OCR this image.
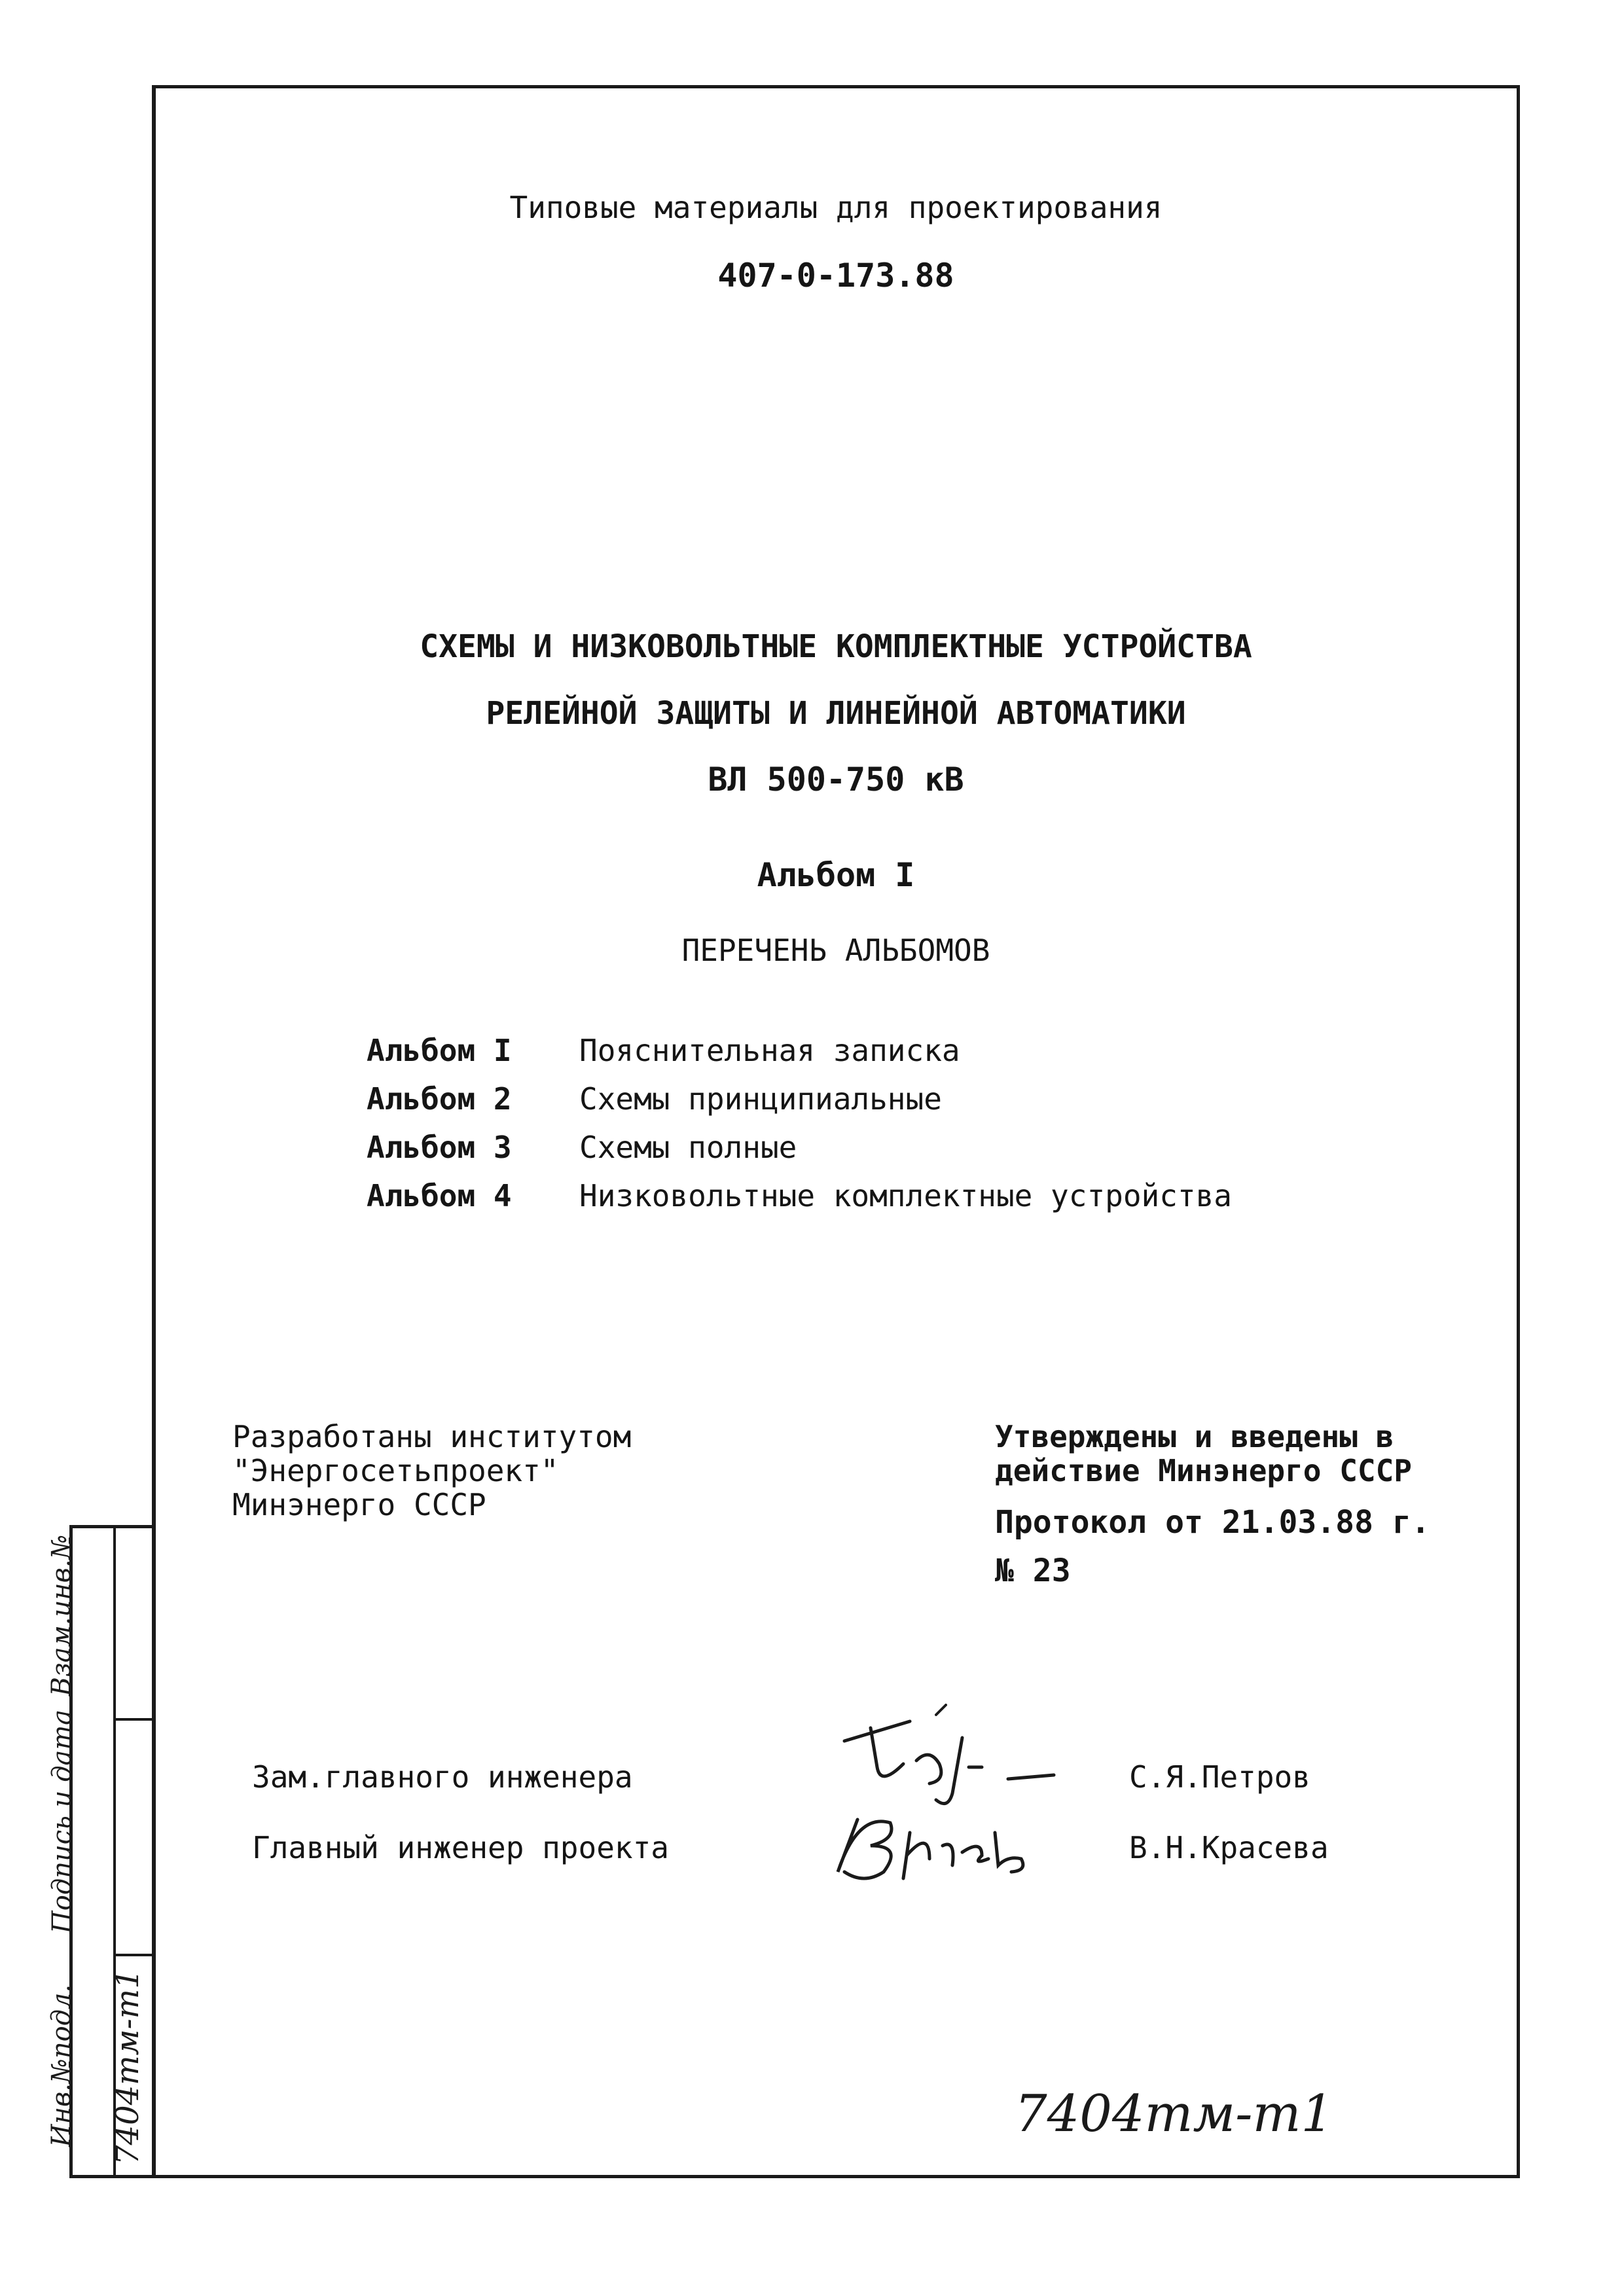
Взам.инв.№
Подпись и дата
Инв.№подл. 7404тм-т1
Типовые материалы для проектирования
407-0-173.88
СХЕМЫ И НИЗКОВОЛЬТНЫЕ КОМПЛЕКТНЫЕ УСТРОЙСТВА
РЕЛЕЙНОЙ ЗАЩИТЫ И ЛИНЕЙНОЙ АВТОМАТИКИ
ВЛ 500-750 кВ
Альбом I
ПЕРЕЧЕНЬ АЛЬБОМОВ
Альбом I Пояснительная записка
Альбом 2 Схемы принципиальные
Альбом 3 Схемы полные
Альбом 4 Низковольтные комплектные устройства
Разработаны институтом
"Энергосетьпроект"
Минэнерго СССР
Утверждены и введены в
действие Минэнерго СССР
Протокол от 21.03.88 г.
№ 23
Зам.главного инженера	С.Я.Петров
Главный инженер проекта	В.Н.Красева
7404тм-т1
